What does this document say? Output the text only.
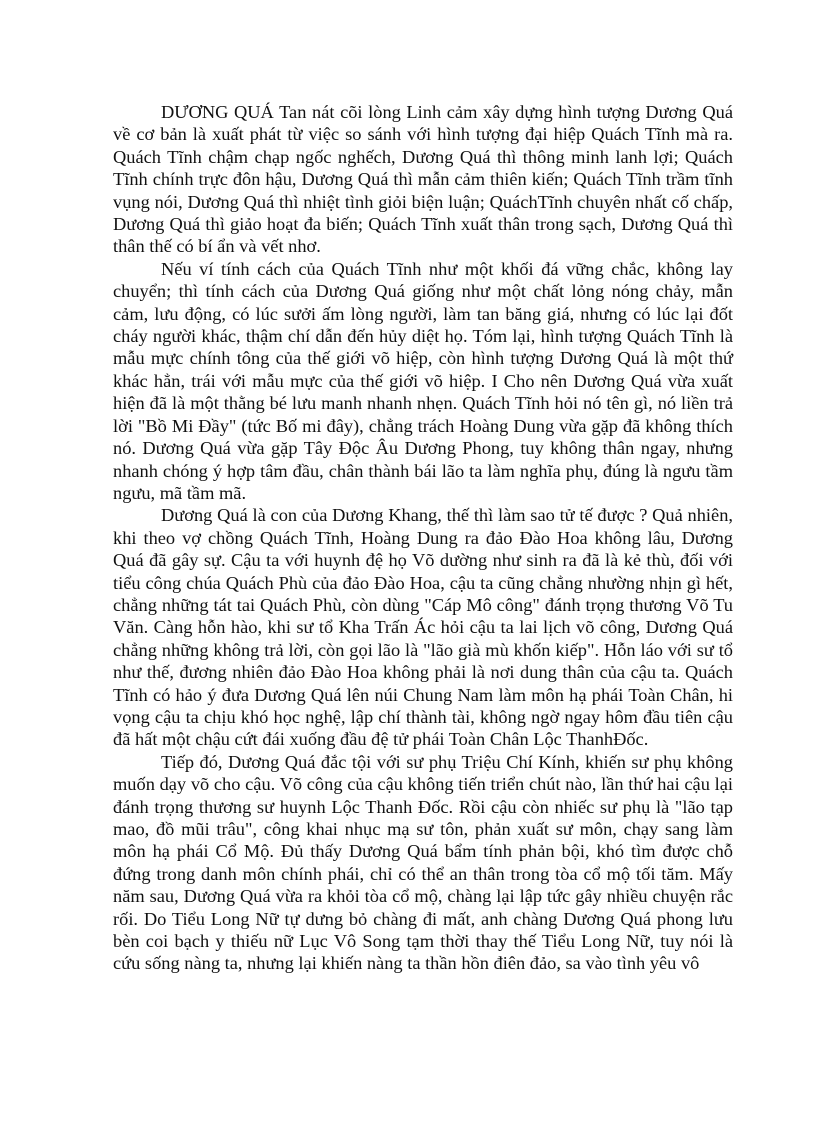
DƯƠNG QUÁ Tan nát cõi lòng Linh cảm xây dựng hình tượng Dương Quá về cơ bản là xuất phát từ việc so sánh với hình tượng đại hiệp Quách Tĩnh mà ra. Quách Tĩnh chậm chạp ngốc nghếch, Dương Quá thì thông minh lanh lợi; Quách Tĩnh chính trực đôn hậu, Dương Quá thì mẫn cảm thiên kiến; Quách Tĩnh trầm tĩnh vụng nói, Dương Quá thì nhiệt tình giỏi biện luận; QuáchTĩnh chuyên nhất cố chấp, Dương Quá thì giảo hoạt đa biến; Quách Tĩnh xuất thân trong sạch, Dương Quá thì thân thế có bí ẩn và vết nhơ.

Nếu ví tính cách của Quách Tĩnh như một khối đá vững chắc, không lay chuyển; thì tính cách của Dương Quá giống như một chất lỏng nóng chảy, mẫn cảm, lưu động, có lúc sưởi ấm lòng người, làm tan băng giá, nhưng có lúc lại đốt cháy người khác, thậm chí dẫn đến hủy diệt họ. Tóm lại, hình tượng Quách Tĩnh là mẫu mực chính tông của thế giới võ hiệp, còn hình tượng Dương Quá là một thứ khác hẳn, trái với mẫu mực của thế giới võ hiệp. I Cho nên Dương Quá vừa xuất hiện đã là một thằng bé lưu manh nhanh nhẹn. Quách Tĩnh hỏi nó tên gì, nó liền trả lời "Bồ Mi Đầy" (tức Bố mi đây), chẳng trách Hoàng Dung vừa gặp đã không thích nó. Dương Quá vừa gặp Tây Độc Âu Dương Phong, tuy không thân ngay, nhưng nhanh chóng ý hợp tâm đầu, chân thành bái lão ta làm nghĩa phụ, đúng là ngưu tầm ngưu, mã tầm mã.

Dương Quá là con của Dương Khang, thế thì làm sao tử tế được ? Quả nhiên, khi theo vợ chồng Quách Tĩnh, Hoàng Dung ra đảo Đào Hoa không lâu, Dương Quá đã gây sự. Cậu ta với huynh đệ họ Võ dường như sinh ra đã là kẻ thù, đối với tiểu công chúa Quách Phù của đảo Đào Hoa, cậu ta cũng chẳng nhường nhịn gì hết, chẳng những tát tai Quách Phù, còn dùng "Cáp Mô công" đánh trọng thương Võ Tu Văn. Càng hỗn hào, khi sư tổ Kha Trấn Ác hỏi cậu ta lai lịch võ công, Dương Quá chẳng những không trả lời, còn gọi lão là "lão già mù khốn kiếp". Hỗn láo với sư tổ như thế, đương nhiên đảo Đào Hoa không phải là nơi dung thân của cậu ta. Quách Tĩnh có hảo ý đưa Dương Quá lên núi Chung Nam làm môn hạ phái Toàn Chân, hi vọng cậu ta chịu khó học nghệ, lập chí thành tài, không ngờ ngay hôm đầu tiên cậu đã hất một chậu cứt đái xuống đầu đệ tử phái Toàn Chân Lộc ThanhĐốc.

Tiếp đó, Dương Quá đắc tội với sư phụ Triệu Chí Kính, khiến sư phụ không muốn dạy võ cho cậu. Võ công của cậu không tiến triển chút nào, lần thứ hai cậu lại đánh trọng thương sư huynh Lộc Thanh Đốc. Rồi cậu còn nhiếc sư phụ là "lão tạp mao, đồ mũi trâu", công khai nhục mạ sư tôn, phản xuất sư môn, chạy sang làm môn hạ phái Cổ Mộ. Đủ thấy Dương Quá bẩm tính phản bội, khó tìm được chỗ đứng trong danh môn chính phái, chỉ có thể an thân trong tòa cổ mộ tối tăm. Mấy năm sau, Dương Quá vừa ra khỏi tòa cổ mộ, chàng lại lập tức gây nhiều chuyện rắc rối. Do Tiểu Long Nữ tự dưng bỏ chàng đi mất, anh chàng Dương Quá phong lưu bèn coi bạch y thiếu nữ Lục Vô Song tạm thời thay thế Tiểu Long Nữ, tuy nói là cứu sống nàng ta, nhưng lại khiến nàng ta thần hồn điên đảo, sa vào tình yêu vô
